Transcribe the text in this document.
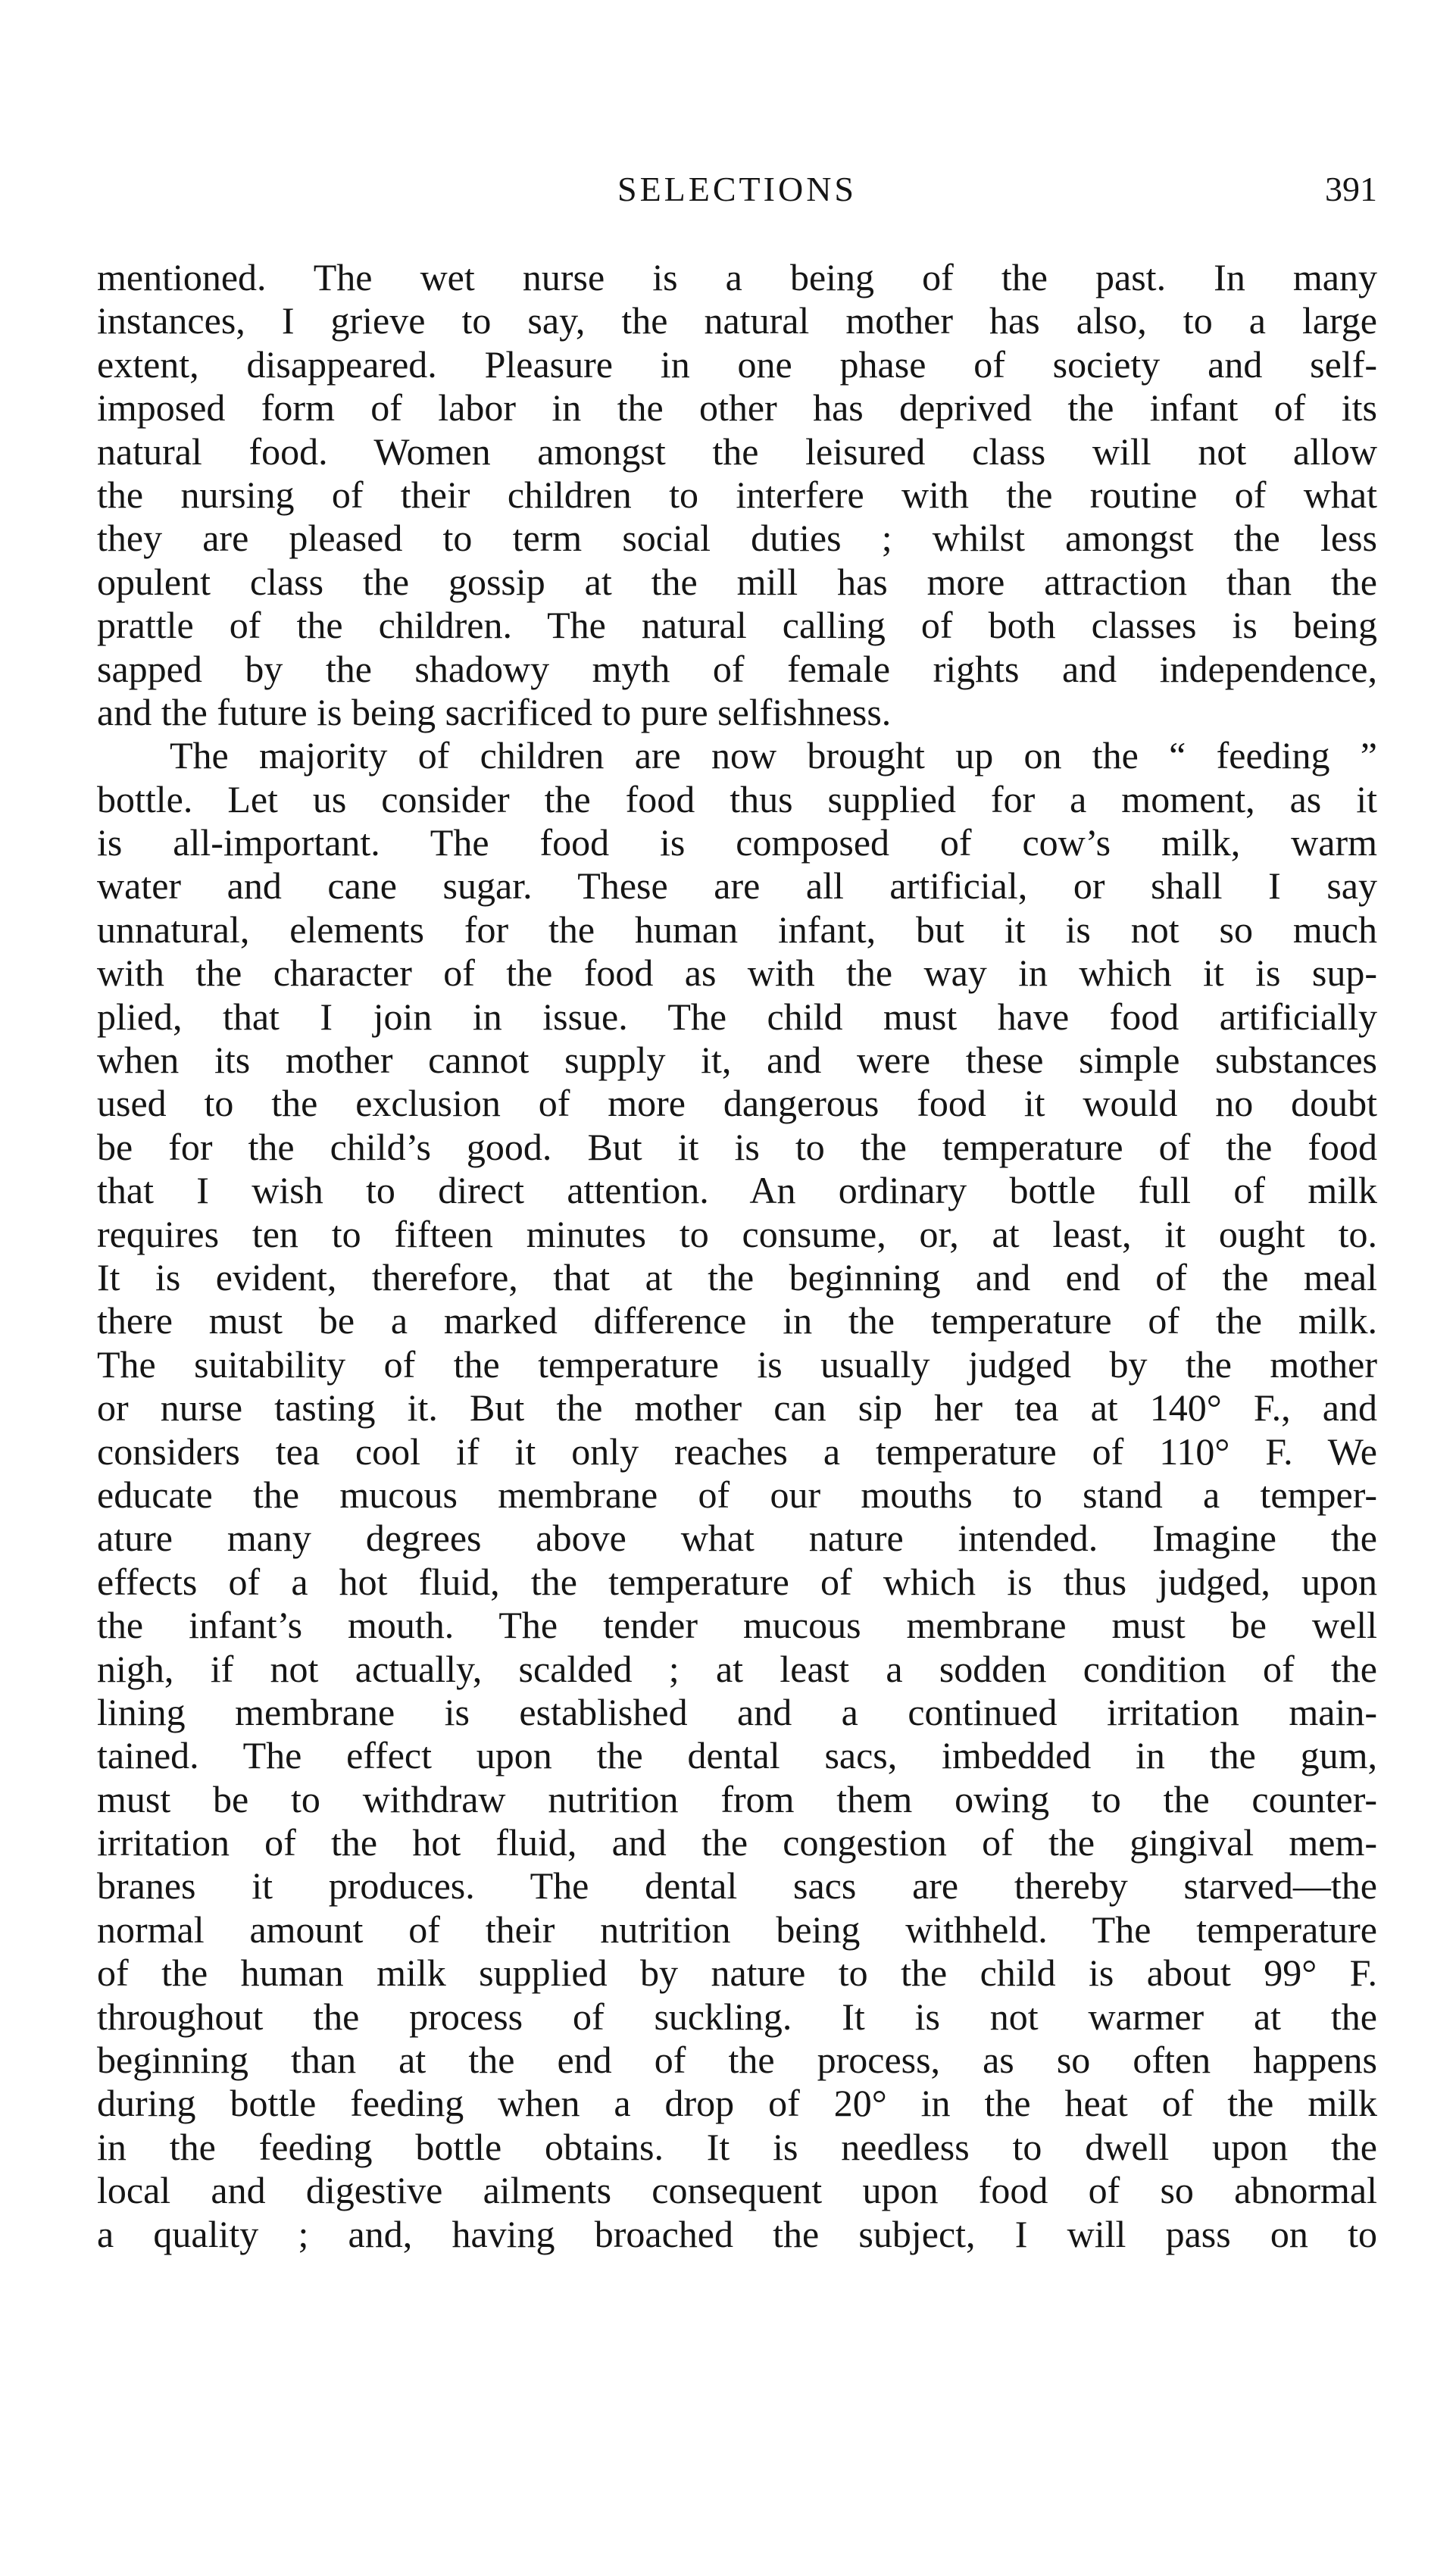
SELECTIONS	391
mentioned. The wet nurse is a being of the past. In many
instances, I grieve to say, the natural mother has also, to a large
extent, disappeared. Pleasure in one phase of society and self-
imposed form of labor in the other has deprived the infant of its
natural food. Women amongst the leisured class will not allow
the nursing of their children to interfere with the routine of what
they are pleased to term social duties ; whilst amongst the less
opulent class the gossip at the mill has more attraction than the
prattle of the children. The natural calling of both classes is being
sapped by the shadowy myth of female rights and independence,
and the future is being sacrificed to pure selfishness.
The majority of children are now brought up on the “ feeding ”
bottle. Let us consider the food thus supplied for a moment, as it
is all-important. The food is composed of cow’s milk, warm
water and cane sugar. These are all artificial, or shall I say
unnatural, elements for the human infant, but it is not so much
with the character of the food as with the way in which it is sup-
plied, that I join in issue. The child must have food artificially
when its mother cannot supply it, and were these simple substances
used to the exclusion of more dangerous food it would no doubt
be for the child’s good. But it is to the temperature of the food
that I wish to direct attention. An ordinary bottle full of milk
requires ten to fifteen minutes to consume, or, at least, it ought to.
It is evident, therefore, that at the beginning and end of the meal
there must be a marked difference in the temperature of the milk.
The suitability of the temperature is usually judged by the mother
or nurse tasting it. But the mother can sip her tea at 140° F., and
considers tea cool if it only reaches a temperature of 110° F. We
educate the mucous membrane of our mouths to stand a temper-
ature many degrees above what nature intended. Imagine the
effects of a hot fluid, the temperature of which is thus judged, upon
the infant’s mouth. The tender mucous membrane must be well
nigh, if not actually, scalded ; at least a sodden condition of the
lining membrane is established and a continued irritation main-
tained. The effect upon the dental sacs, imbedded in the gum,
must be to withdraw nutrition from them owing to the counter-
irritation of the hot fluid, and the congestion of the gingival mem-
branes it produces. The dental sacs are thereby starved—the
normal amount of their nutrition being withheld. The temperature
of the human milk supplied by nature to the child is about 99° F.
throughout the process of suckling. It is not warmer at the
beginning than at the end of the process, as so often happens
during bottle feeding when a drop of 20° in the heat of the milk
in the feeding bottle obtains. It is needless to dwell upon the
local and digestive ailments consequent upon food of so abnormal
a quality ; and, having broached the subject, I will pass on to
